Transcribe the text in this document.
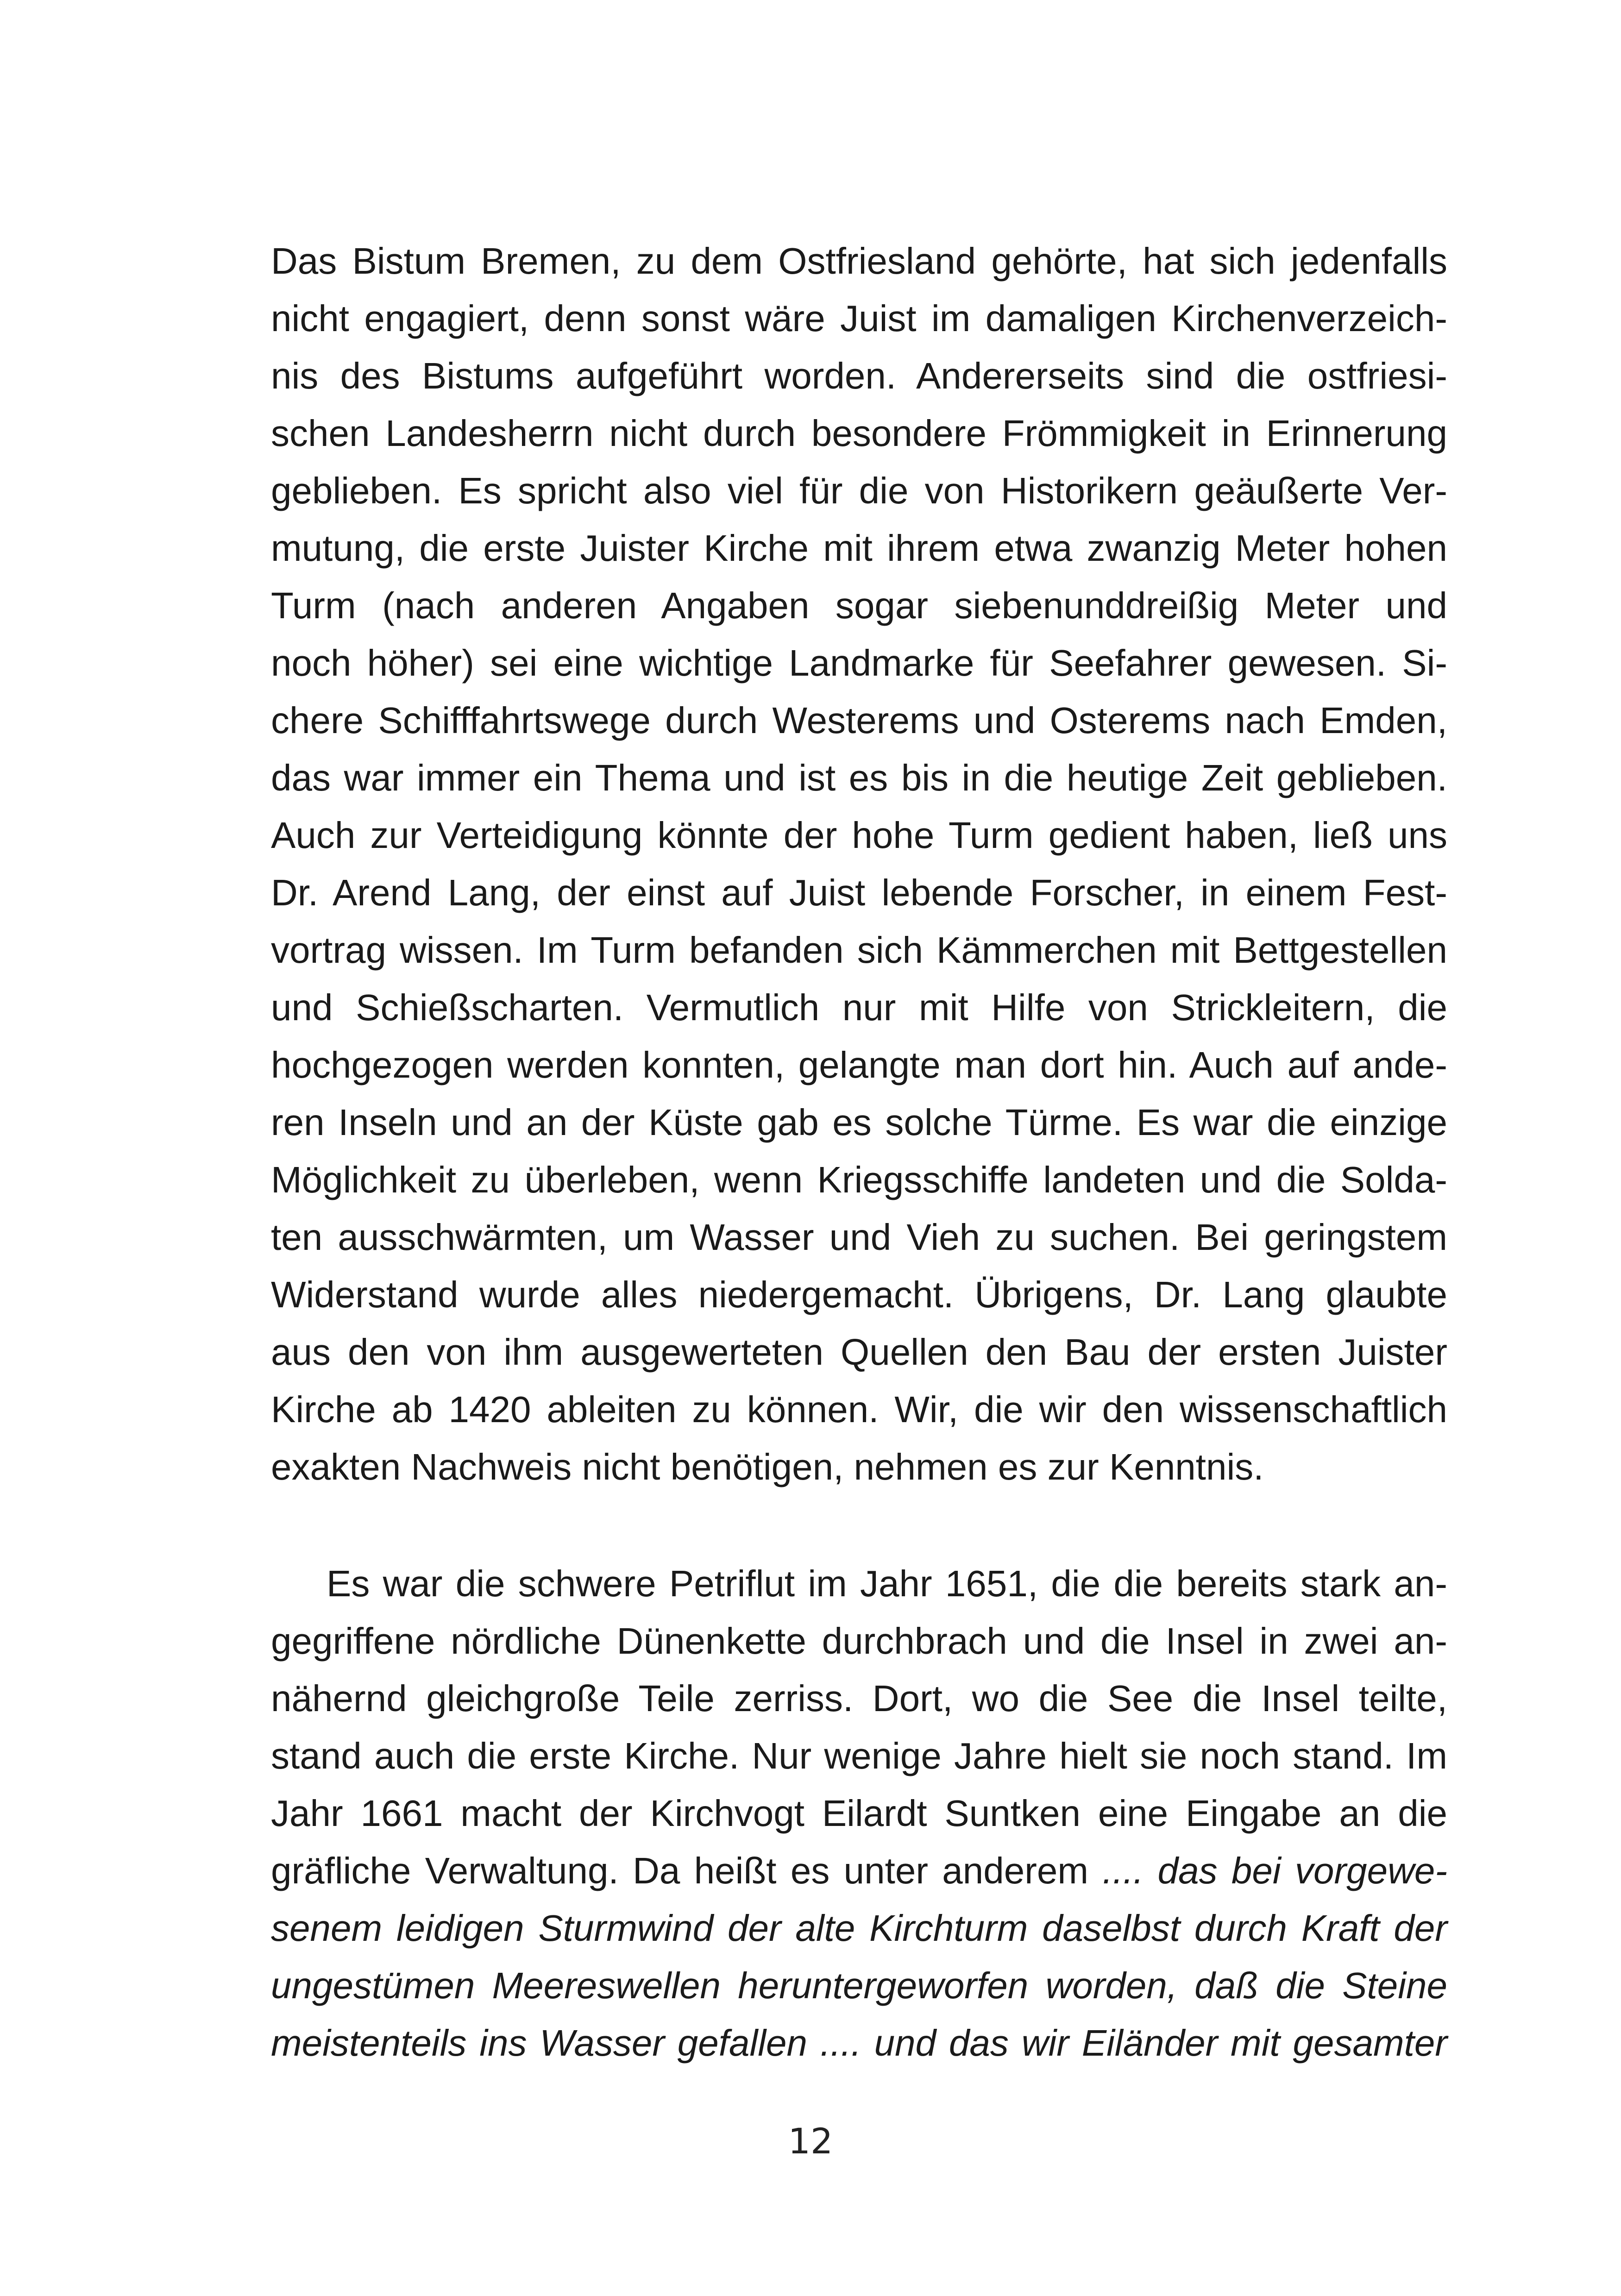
Das Bistum Bremen, zu dem Ostfriesland gehörte, hat sich jedenfalls
nicht engagiert, denn sonst wäre Juist im damaligen Kirchenverzeich-
nis des Bistums aufgeführt worden. Andererseits sind die ostfriesi-
schen Landesherrn nicht durch besondere Frömmigkeit in Erinnerung
geblieben. Es spricht also viel für die von Historikern geäußerte Ver-
mutung, die erste Juister Kirche mit ihrem etwa zwanzig Meter hohen
Turm (nach anderen Angaben sogar siebenunddreißig Meter und
noch höher) sei eine wichtige Landmarke für Seefahrer gewesen. Si-
chere Schifffahrtswege durch Westerems und Osterems nach Emden,
das war immer ein Thema und ist es bis in die heutige Zeit geblieben.
Auch zur Verteidigung könnte der hohe Turm gedient haben, ließ uns
Dr. Arend Lang, der einst auf Juist lebende Forscher, in einem Fest-
vortrag wissen. Im Turm befanden sich Kämmerchen mit Bettgestellen
und Schießscharten. Vermutlich nur mit Hilfe von Strickleitern, die
hochgezogen werden konnten, gelangte man dort hin. Auch auf ande-
ren Inseln und an der Küste gab es solche Türme. Es war die einzige
Möglichkeit zu überleben, wenn Kriegsschiffe landeten und die Solda-
ten ausschwärmten, um Wasser und Vieh zu suchen. Bei geringstem
Widerstand wurde alles niedergemacht. Übrigens, Dr. Lang glaubte
aus den von ihm ausgewerteten Quellen den Bau der ersten Juister
Kirche ab 1420 ableiten zu können. Wir, die wir den wissenschaftlich
exakten Nachweis nicht benötigen, nehmen es zur Kenntnis.
Es war die schwere Petriflut im Jahr 1651, die die bereits stark an-
gegriffene nördliche Dünenkette durchbrach und die Insel in zwei an-
nähernd gleichgroße Teile zerriss. Dort, wo die See die Insel teilte,
stand auch die erste Kirche. Nur wenige Jahre hielt sie noch stand. Im
Jahr 1661 macht der Kirchvogt Eilardt Suntken eine Eingabe an die
gräfliche Verwaltung. Da heißt es unter anderem .... das bei vorgewe-
senem leidigen Sturmwind der alte Kirchturm daselbst durch Kraft der
ungestümen Meereswellen heruntergeworfen worden, daß die Steine
meistenteils ins Wasser gefallen .... und das wir Eiländer mit gesamter
12
